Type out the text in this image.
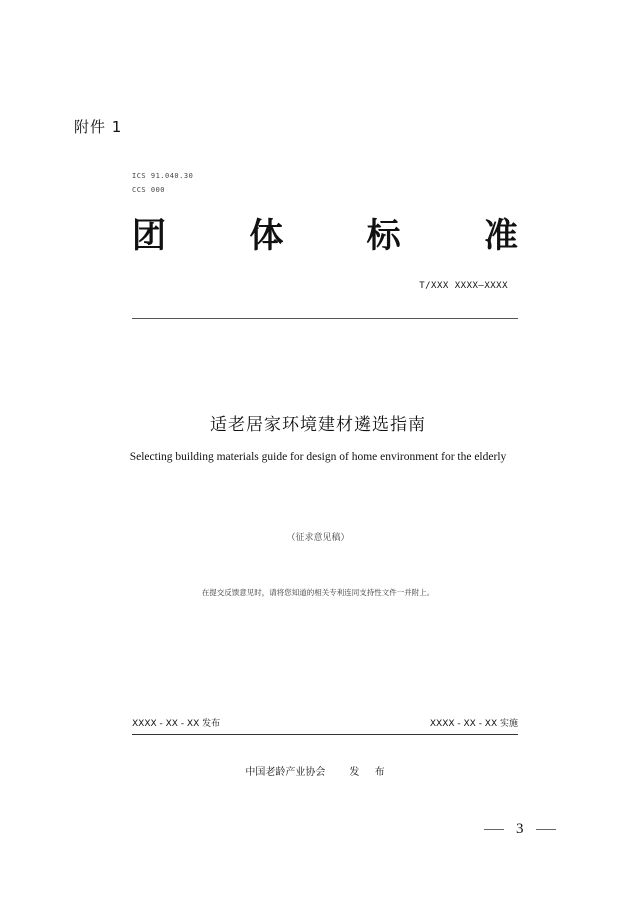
附件 1
ICS 91.040.30
CCS 000
团 体 标 准
T/XXX XXXX—XXXX
适老居家环境建材遴选指南
Selecting building materials guide for design of home environment for the elderly
（征求意见稿）
在提交反馈意见时，请将您知道的相关专利连同支持性文件一并附上。
XXXX - XX - XX 发布	XXXX - XX - XX 实施
中国老龄产业协会 发 布
3
